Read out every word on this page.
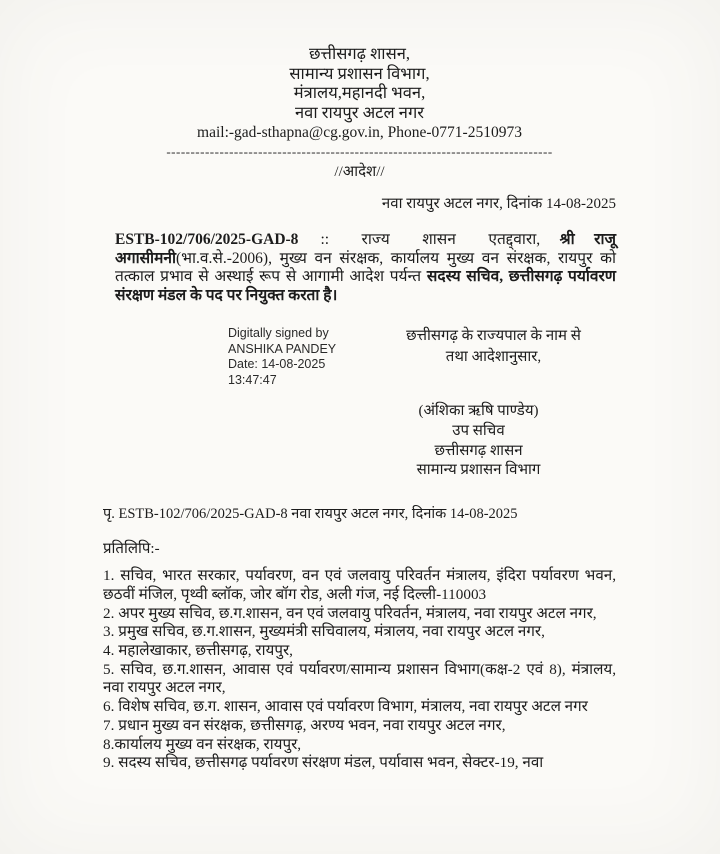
छत्तीसगढ़ शासन,
सामान्य प्रशासन विभाग,
मंत्रालय,महानदी भवन,
नवा रायपुर अटल नगर
mail:-gad-sthapna@cg.gov.in, Phone-0771-2510973
--------------------------------------------------------------------------------
//आदेश//
नवा रायपुर अटल नगर, दिनांक 14-08-2025

ESTB-102/706/2025-GAD-8 :: राज्य शासन एतद्द्वारा, श्री राजू अगासीमनी(भा.व.से.-2006), मुख्य वन संरक्षक, कार्यालय मुख्य वन संरक्षक, रायपुर को तत्काल प्रभाव से अस्थाई रूप से आगामी आदेश पर्यन्त सदस्य सचिव, छत्तीसगढ़ पर्यावरण संरक्षण मंडल के पद पर नियुक्त करता है।

Digitally signed by
ANSHIKA PANDEY
Date: 14-08-2025
13:47:47
छत्तीसगढ़ के राज्यपाल के नाम से
तथा आदेशानुसार,
(अंशिका ऋषि पाण्डेय)
उप सचिव
छत्तीसगढ़ शासन
सामान्य प्रशासन विभाग
पृ. ESTB-102/706/2025-GAD-8 नवा रायपुर अटल नगर, दिनांक 14-08-2025
प्रतिलिपि:-

1. सचिव, भारत सरकार, पर्यावरण, वन एवं जलवायु परिवर्तन मंत्रालय, इंदिरा पर्यावरण भवन, छठवीं मंजिल, पृथ्वी ब्लॉक, जोर बॉग रोड, अली गंज, नई दिल्ली-110003

2. अपर मुख्य सचिव, छ.ग.शासन, वन एवं जलवायु परिवर्तन, मंत्रालय, नवा रायपुर अटल नगर,

3. प्रमुख सचिव, छ.ग.शासन, मुख्यमंत्री सचिवालय, मंत्रालय, नवा रायपुर अटल नगर,

4. महालेखाकार, छत्तीसगढ़, रायपुर,

5. सचिव, छ.ग.शासन, आवास एवं पर्यावरण/सामान्य प्रशासन विभाग(कक्ष-2 एवं 8), मंत्रालय, नवा रायपुर अटल नगर,

6. विशेष सचिव, छ.ग. शासन, आवास एवं पर्यावरण विभाग, मंत्रालय, नवा रायपुर अटल नगर

7. प्रधान मुख्य वन संरक्षक, छत्तीसगढ़, अरण्य भवन, नवा रायपुर अटल नगर,

8.कार्यालय मुख्य वन संरक्षक, रायपुर,

9. सदस्य सचिव, छत्तीसगढ़ पर्यावरण संरक्षण मंडल, पर्यावास भवन, सेक्टर-19, नवा
